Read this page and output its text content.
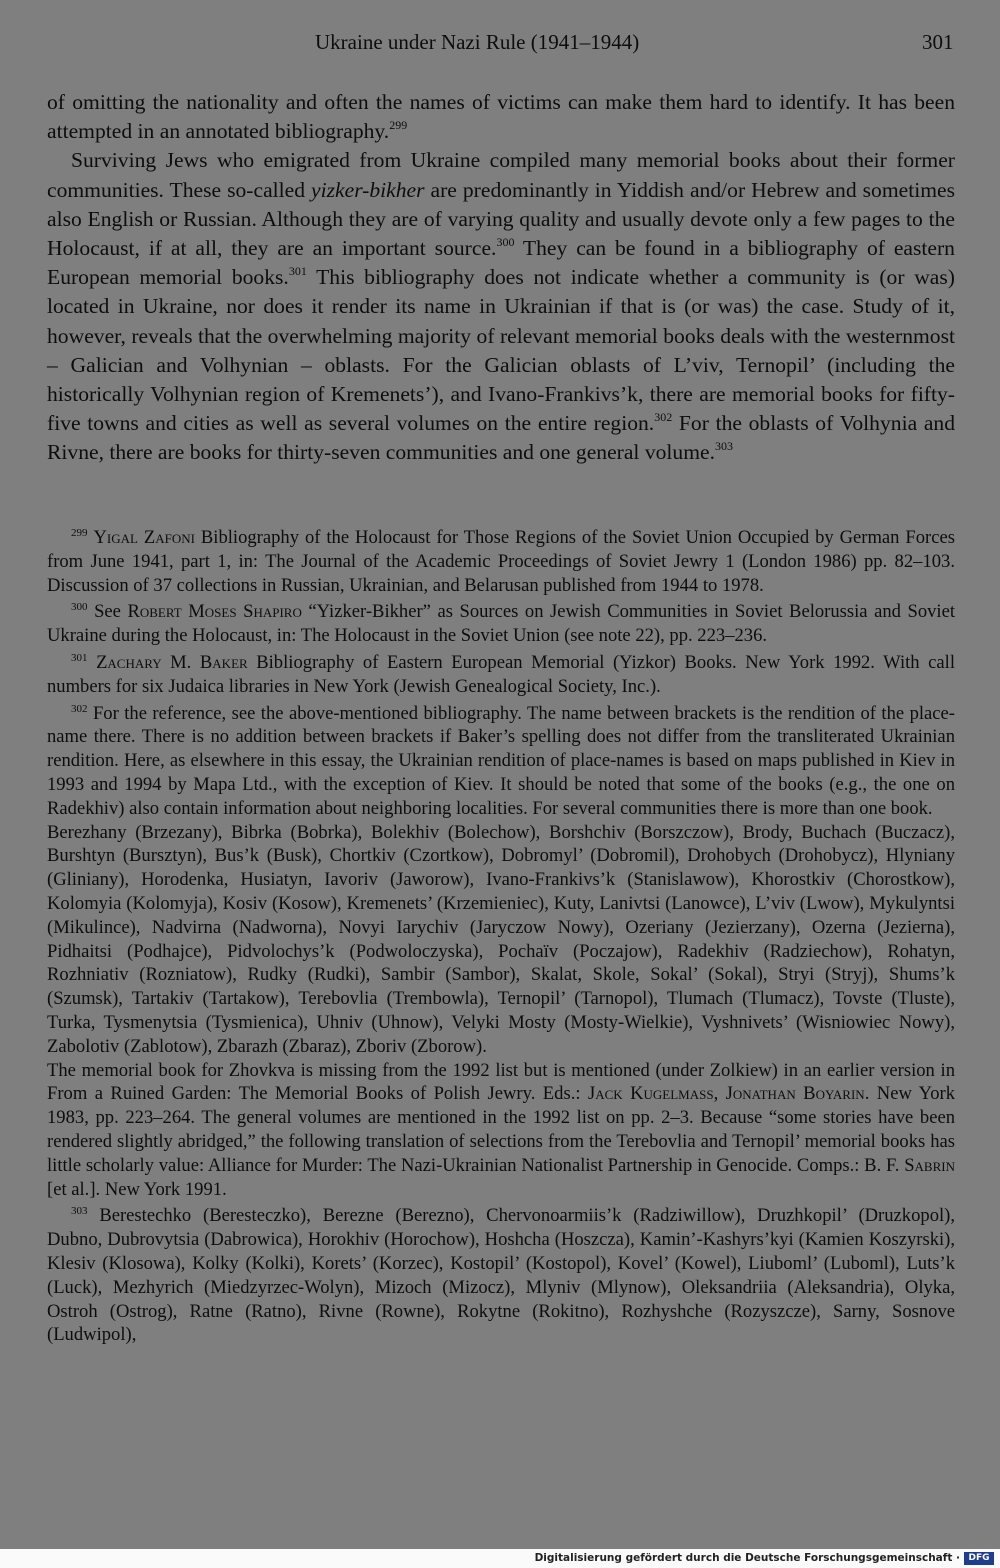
Ukraine under Nazi Rule (1941–1944)	301

of omitting the nationality and often the names of victims can make them hard to identify. It has been attempted in an annotated bibliography.$^{299}$

Surviving Jews who emigrated from Ukraine compiled many memorial books about their former communities. These so-called yizker-bikher are predominantly in Yiddish and/or Hebrew and sometimes also English or Russian. Although they are of varying quality and usually devote only a few pages to the Holocaust, if at all, they are an important source.$^{300}$ They can be found in a bibliography of eastern European memorial books.$^{301}$ This bibliography does not indicate whether a community is (or was) located in Ukraine, nor does it render its name in Ukrainian if that is (or was) the case. Study of it, however, reveals that the overwhelming majority of relevant memorial books deals with the westernmost – Galician and Volhynian – oblasts. For the Galician oblasts of L’viv, Ternopil’ (including the historically Volhynian region of Kremenets’), and Ivano-Frankivs’k, there are memorial books for fifty-five towns and cities as well as several volumes on the entire region.$^{302}$ For the oblasts of Volhynia and Rivne, there are books for thirty-seven communities and one general volume.$^{303}$

$^{299}$ Yigal Zafoni Bibliography of the Holocaust for Those Regions of the Soviet Union Occupied by German Forces from June 1941, part 1, in: The Journal of the Academic Proceedings of Soviet Jewry 1 (London 1986) pp. 82–103. Discussion of 37 collections in Russian, Ukrainian, and Belarusan published from 1944 to 1978.

$^{300}$ See Robert Moses Shapiro “Yizker-Bikher” as Sources on Jewish Communities in Soviet Belorussia and Soviet Ukraine during the Holocaust, in: The Holocaust in the Soviet Union (see note 22), pp. 223–236.

$^{301}$ Zachary M. Baker Bibliography of Eastern European Memorial (Yizkor) Books. New York 1992. With call numbers for six Judaica libraries in New York (Jewish Genealogical Society, Inc.).

$^{302}$ For the reference, see the above-mentioned bibliography. The name between brackets is the rendition of the place-name there. There is no addition between brackets if Baker’s spelling does not differ from the transliterated Ukrainian rendition. Here, as elsewhere in this essay, the Ukrainian rendition of place-names is based on maps published in Kiev in 1993 and 1994 by Mapa Ltd., with the exception of Kiev. It should be noted that some of the books (e.g., the one on Radekhiv) also contain information about neighboring localities. For several communities there is more than one book.

Berezhany (Brzezany), Bibrka (Bobrka), Bolekhiv (Bolechow), Borshchiv (Borszczow), Brody, Buchach (Buczacz), Burshtyn (Bursztyn), Bus’k (Busk), Chortkiv (Czortkow), Dobromyl’ (Dobromil), Drohobych (Drohobycz), Hlyniany (Gliniany), Horodenka, Husiatyn, Iavoriv (Jaworow), Ivano-Frankivs’k (Stanislawow), Khorostkiv (Chorostkow), Kolomyia (Kolomyja), Kosiv (Kosow), Kremenets’ (Krzemieniec), Kuty, Lanivtsi (Lanowce), L’viv (Lwow), Mykulyntsi (Mikulince), Nadvirna (Nadworna), Novyi Iarychiv (Jaryczow Nowy), Ozeriany (Jezierzany), Ozerna (Jezierna), Pidhaitsi (Podhajce), Pidvolochys’k (Podwoloczyska), Pochaïv (Poczajow), Radekhiv (Radziechow), Rohatyn, Rozhniativ (Rozniatow), Rudky (Rudki), Sambir (Sambor), Skalat, Skole, Sokal’ (Sokal), Stryi (Stryj), Shums’k (Szumsk), Tartakiv (Tartakow), Terebovlia (Trembowla), Ternopil’ (Tarnopol), Tlumach (Tlumacz), Tovste (Tluste), Turka, Tysmenytsia (Tysmienica), Uhniv (Uhnow), Velyki Mosty (Mosty-Wielkie), Vyshnivets’ (Wisniowiec Nowy), Zabolotiv (Zablotow), Zbarazh (Zbaraz), Zboriv (Zborow).

The memorial book for Zhovkva is missing from the 1992 list but is mentioned (under Zolkiew) in an earlier version in From a Ruined Garden: The Memorial Books of Polish Jewry. Eds.: Jack Kugelmass, Jonathan Boyarin. New York 1983, pp. 223–264. The general volumes are mentioned in the 1992 list on pp. 2–3. Because “some stories have been rendered slightly abridged,” the following translation of selections from the Terebovlia and Ternopil’ memorial books has little scholarly value: Alliance for Murder: The Nazi-Ukrainian Nationalist Partnership in Genocide. Comps.: B. F. Sabrin [et al.]. New York 1991.

$^{303}$ Berestechko (Beresteczko), Berezne (Berezno), Chervonoarmiis’k (Radziwillow), Druzhkopil’ (Druzkopol), Dubno, Dubrovytsia (Dabrowica), Horokhiv (Horochow), Hoshcha (Hoszcza), Kamin’-Kashyrs’kyi (Kamien Koszyrski), Klesiv (Klosowa), Kolky (Kolki), Korets’ (Korzec), Kostopil’ (Kostopol), Kovel’ (Kowel), Liuboml’ (Luboml), Luts’k (Luck), Mezhyrich (Miedzyrzec-Wolyn), Mizoch (Mizocz), Mlyniv (Mlynow), Oleksandriia (Aleksandria), Olyka, Ostroh (Ostrog), Ratne (Ratno), Rivne (Rowne), Rokytne (Rokitno), Rozhyshche (Rozyszcze), Sarny, Sosnove (Ludwipol),

Digitalisierung gefördert durch die Deutsche Forschungsgemeinschaft · DFG
